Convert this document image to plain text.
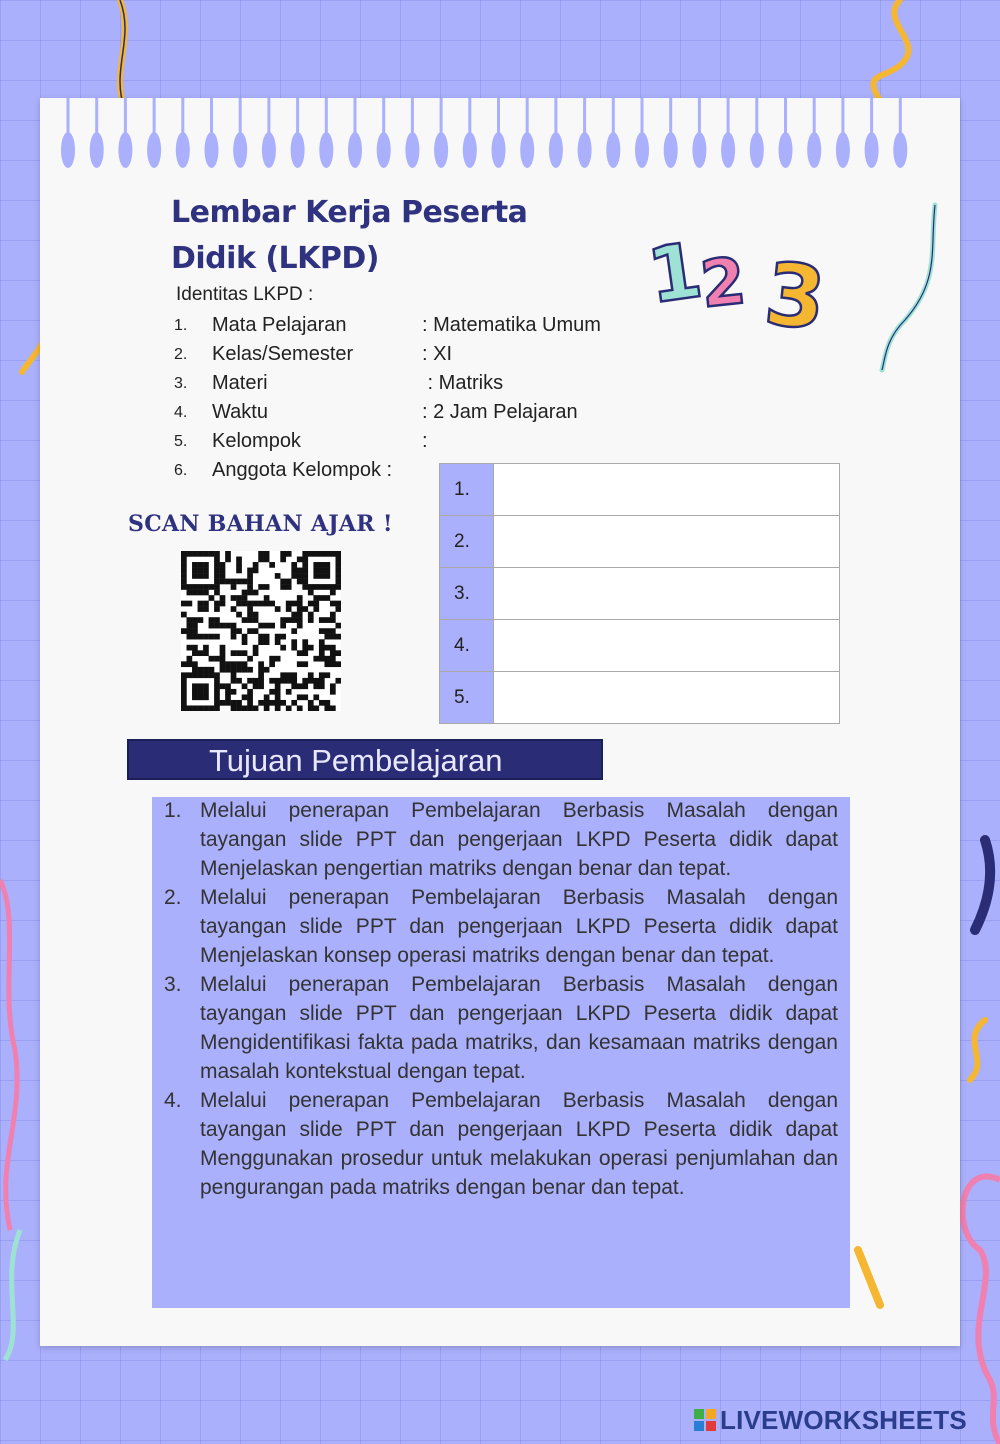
1
2 3
Lembar Kerja Peserta Didik (LKPD)
Identitas LKPD :
1.	Mata Pelajaran	: Matematika Umum
2.	Kelas/Semester	: XI
3.	Materi	: Matriks
4.	Waktu	: 2 Jam Pelajaran
5.	Kelompok	:
6.	Anggota Kelompok :
SCAN BAHAN AJAR !
1.	
2.	
3.	
4.	
5.	
Tujuan Pembelajaran
1. Melalui penerapan Pembelajaran Berbasis Masalah dengan tayangan slide PPT dan pengerjaan LKPD Peserta didik dapat Menjelaskan pengertian matriks dengan benar dan tepat.
2. Melalui penerapan Pembelajaran Berbasis Masalah dengan tayangan slide PPT dan pengerjaan LKPD Peserta didik dapat Menjelaskan konsep operasi matriks dengan benar dan tepat.
3. Melalui penerapan Pembelajaran Berbasis Masalah dengan tayangan slide PPT dan pengerjaan LKPD Peserta didik dapat Mengidentifikasi fakta pada matriks, dan kesamaan matriks dengan masalah kontekstual dengan tepat.
4. Melalui penerapan Pembelajaran Berbasis Masalah dengan tayangan slide PPT dan pengerjaan LKPD Peserta didik dapat Menggunakan prosedur untuk melakukan operasi penjumlahan dan pengurangan pada matriks dengan benar dan tepat.
LIVEWORKSHEETS
